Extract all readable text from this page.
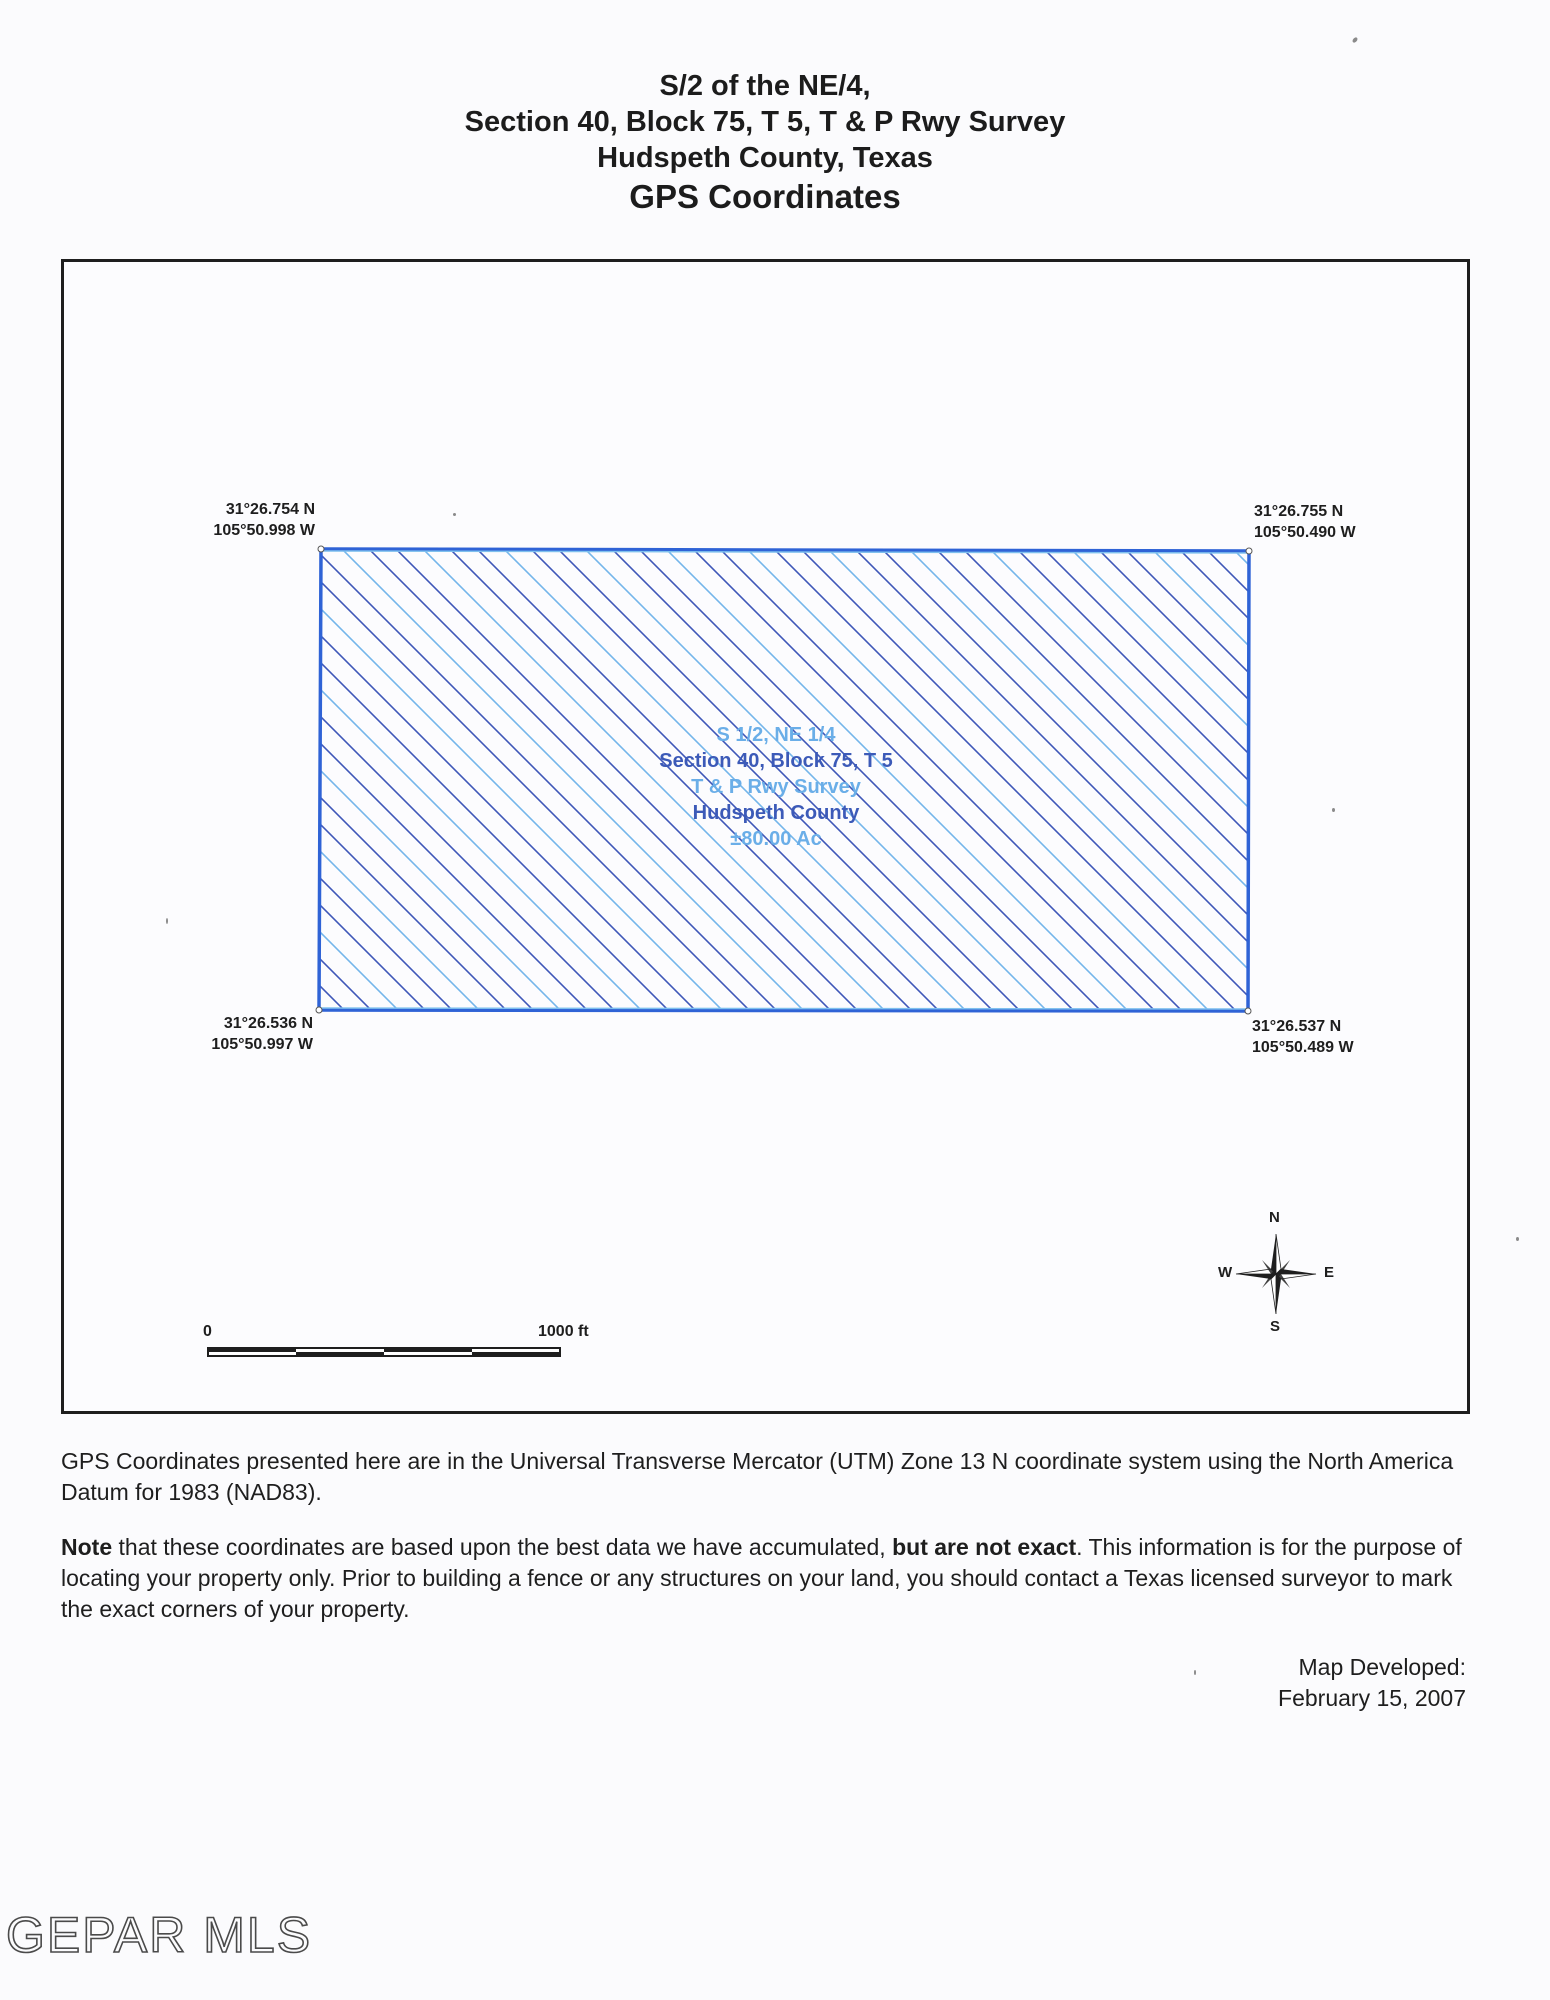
S/2 of the NE/4,
Section 40, Block 75, T 5, T & P Rwy Survey
Hudspeth County, Texas
GPS Coordinates
31°26.754 N
105°50.998 W
31°26.755 N
105°50.490 W
31°26.536 N
105°50.997 W
31°26.537 N
105°50.489 W
S 1/2, NE 1/4
Section 40, Block 75, T 5
T & P Rwy Survey
Hudspeth County
±80.00 Ac
0	1000 ft
N
S
E
W

GPS Coordinates presented here are in the Universal Transverse Mercator (UTM) Zone 13 N coordinate system using the North America Datum for 1983 (NAD83).

Note that these coordinates are based upon the best data we have accumulated, but are not exact. This information is for the purpose of locating your property only. Prior to building a fence or any structures on your land, you should contact a Texas licensed surveyor to mark the exact corners of your property.

Map Developed:
February 15, 2007
GEPAR MLS
